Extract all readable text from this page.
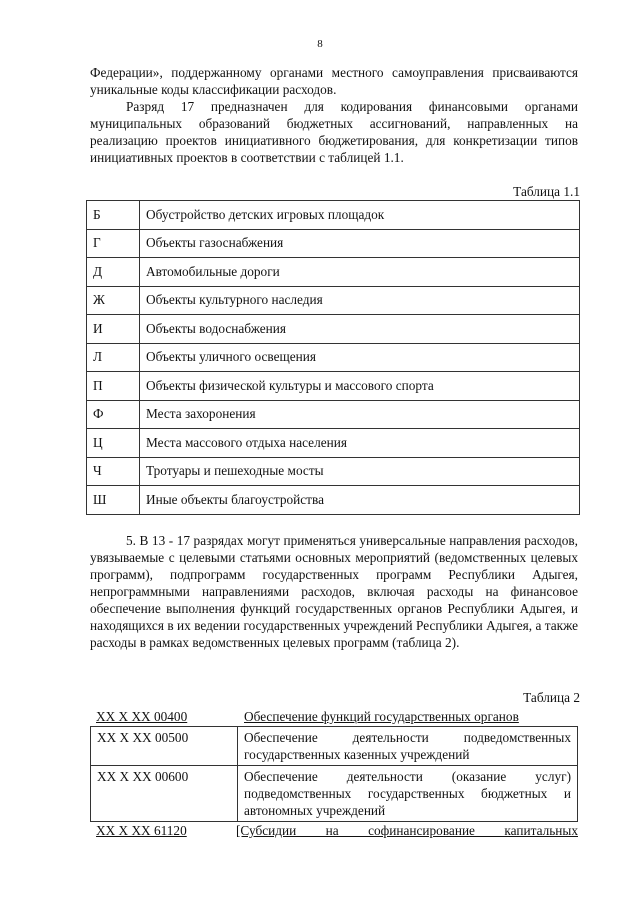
8

Федерации», поддержанному органами местного самоуправления присваиваются уникальные коды классификации расходов.

Разряд 17 предназначен для кодирования финансовыми органами муниципальных образований бюджетных ассигнований, направленных на реализацию проектов инициативного бюджетирования, для конкретизации типов инициативных проектов в соответствии с таблицей 1.1.

Таблица 1.1
Б	Обустройство детских игровых площадок
Г	Объекты газоснабжения
Д	Автомобильные дороги
Ж	Объекты культурного наследия
И	Объекты водоснабжения
Л	Объекты уличного освещения
П	Объекты физической культуры и массового спорта
Ф	Места захоронения
Ц	Места массового отдыха населения
Ч	Тротуары и пешеходные мосты
Ш	Иные объекты благоустройства

5. В 13 - 17 разрядах могут применяться универсальные направления расходов, увязываемые с целевыми статьями основных мероприятий (ведомственных целевых программ), подпрограмм государственных программ Республики Адыгея, непрограммными направлениями расходов, включая расходы на финансовое обеспечение выполнения функций государственных органов Республики Адыгея, и находящихся в их ведении государственных учреждений Республики Адыгея, а также расходы в рамках ведомственных целевых программ (таблица 2).

Таблица 2
XX X XX 00400	Обеспечение функций государственных органов
XX X XX 00500	Обеспечение деятельности подведомственных государственных казенных учреждений
XX X XX 00600	Обеспечение деятельности (оказание услуг) подведомственных государственных бюджетных и автономных учреждений
XX X XX 61120	[Субсидии на софинансирование капитальных
